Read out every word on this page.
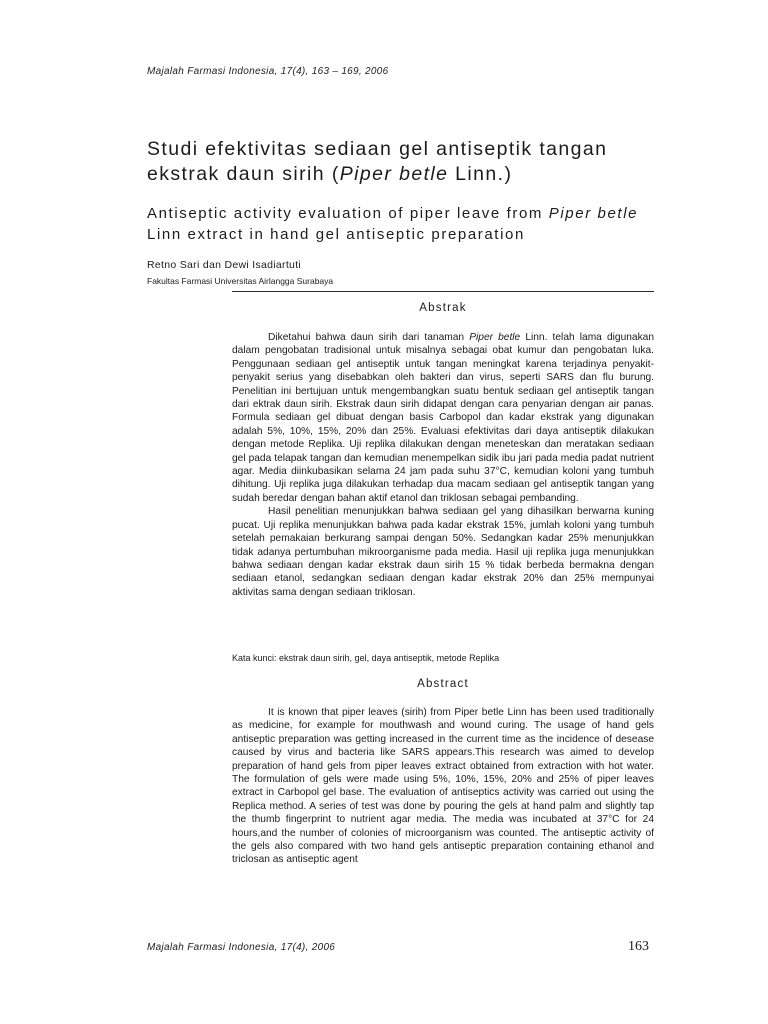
Majalah Farmasi Indonesia, 17(4), 163 – 169, 2006
Studi efektivitas sediaan gel antiseptik tangan ekstrak daun sirih (Piper betle Linn.)
Antiseptic activity evaluation of piper leave from Piper betle Linn extract in hand gel antiseptic preparation
Retno Sari dan Dewi Isadiartuti
Fakultas Farmasi Universitas Airlangga Surabaya
Abstrak

Diketahui bahwa daun sirih dari tanaman Piper betle Linn. telah lama digunakan dalam pengobatan tradisional untuk misalnya sebagai obat kumur dan pengobatan luka. Penggunaan sediaan gel antiseptik untuk tangan meningkat karena terjadinya penyakit-penyakit serius yang disebabkan oleh bakteri dan virus, seperti SARS dan flu burung. Penelitian ini bertujuan untuk mengembangkan suatu bentuk sediaan gel antiseptik tangan dari ektrak daun sirih. Ekstrak daun sirih didapat dengan cara penyarian dengan air panas. Formula sediaan gel dibuat dengan basis Carbopol dan kadar ekstrak yang digunakan adalah 5%, 10%, 15%, 20% dan 25%. Evaluasi efektivitas dari daya antiseptik dilakukan dengan metode Replika. Uji replika dilakukan dengan meneteskan dan meratakan sediaan gel pada telapak tangan dan kemudian menempelkan sidik ibu jari pada media padat nutrient agar. Media diinkubasikan selama 24 jam pada suhu 37°C, kemudian koloni yang tumbuh dihitung. Uji replika juga dilakukan terhadap dua macam sediaan gel antiseptik tangan yang sudah beredar dengan bahan aktif etanol dan triklosan sebagai pembanding.

Hasil penelitian menunjukkan bahwa sediaan gel yang dihasilkan berwarna kuning pucat. Uji replika menunjukkan bahwa pada kadar ekstrak 15%, jumlah koloni yang tumbuh setelah pemakaian berkurang sampai dengan 50%. Sedangkan kadar 25% menunjukkan tidak adanya pertumbuhan mikroorganisme pada media. Hasil uji replika juga menunjukkan bahwa sediaan dengan kadar ekstrak daun sirih 15 % tidak berbeda bermakna dengan sediaan etanol, sedangkan sediaan dengan kadar ekstrak 20% dan 25% mempunyai aktivitas sama dengan sediaan triklosan.

Kata kunci: ekstrak daun sirih, gel, daya antiseptik, metode Replika
Abstract

It is known that piper leaves (sirih) from Piper betle Linn has been used traditionally as medicine, for example for mouthwash and wound curing. The usage of hand gels antiseptic preparation was getting increased in the current time as the incidence of desease caused by virus and bacteria like SARS appears.This research was aimed to develop preparation of hand gels from piper leaves extract obtained from extraction with hot water. The formulation of gels were made using 5%, 10%, 15%, 20% and 25% of piper leaves extract in Carbopol gel base. The evaluation of antiseptics activity was carried out using the Replica method. A series of test was done by pouring the gels at hand palm and slightly tap the thumb fingerprint to nutrient agar media. The media was incubated at 37°C for 24 hours,and the number of colonies of microorganism was counted. The antiseptic activity of the gels also compared with two hand gels antiseptic preparation containing ethanol and triclosan as antiseptic agent

Majalah Farmasi Indonesia, 17(4), 2006	163
